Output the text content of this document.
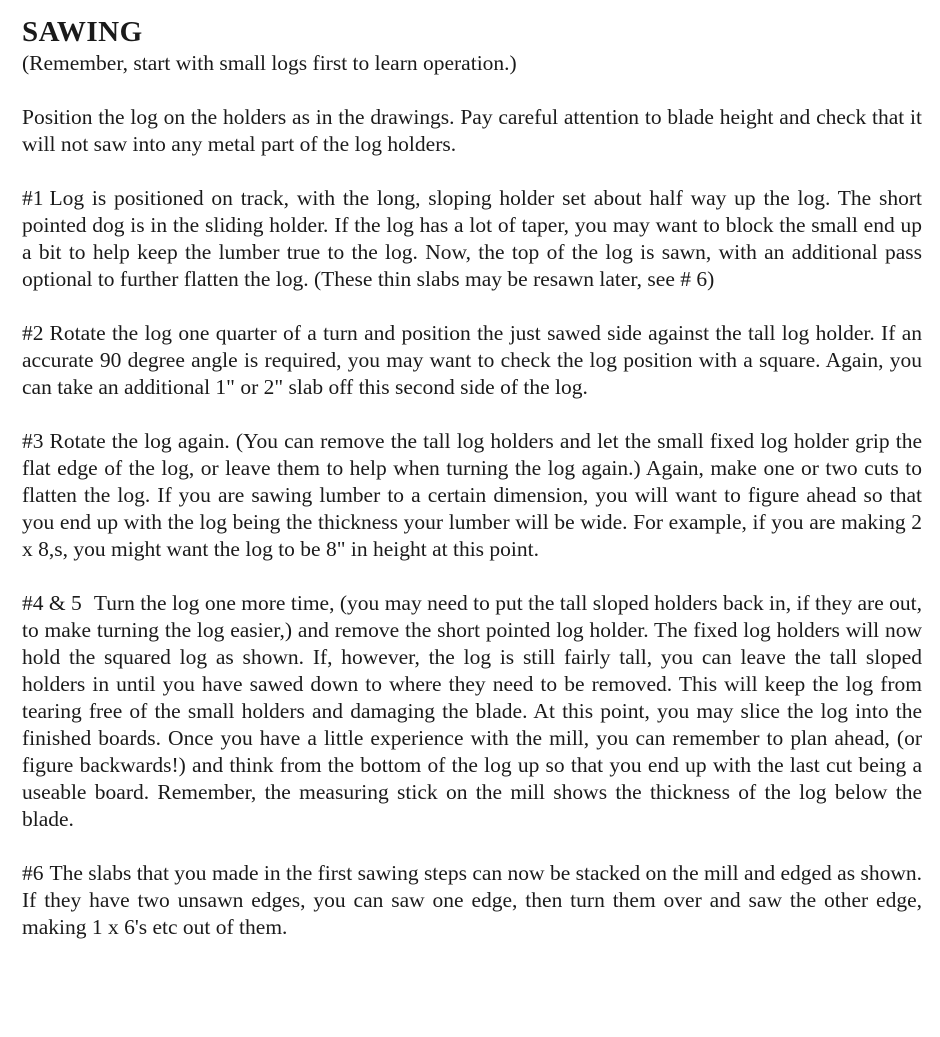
SAWING

(Remember, start with small logs first to learn operation.)

Position the log on the holders as in the drawings. Pay careful attention to blade height and check that it will not saw into any metal part of the log holders.

#1 Log is positioned on track, with the long, sloping holder set about half way up the log. The short pointed dog is in the sliding holder. If the log has a lot of taper, you may want to block the small end up a bit to help keep the lumber true to the log. Now, the top of the log is sawn, with an additional pass optional to further flatten the log. (These thin slabs may be resawn later, see # 6)

#2 Rotate the log one quarter of a turn and position the just sawed side against the tall log holder. If an accurate 90 degree angle is required, you may want to check the log position with a square. Again, you can take an additional 1" or 2" slab off this second side of the log.

#3 Rotate the log again. (You can remove the tall log holders and let the small fixed log holder grip the flat edge of the log, or leave them to help when turning the log again.) Again, make one or two cuts to flatten the log. If you are sawing lumber to a certain dimension, you will want to figure ahead so that you end up with the log being the thickness your lumber will be wide. For example, if you are making 2 x 8,s, you might want the log to be 8" in height at this point.

#4 & 5 Turn the log one more time, (you may need to put the tall sloped holders back in, if they are out, to make turning the log easier,) and remove the short pointed log holder. The fixed log holders will now hold the squared log as shown. If, however, the log is still fairly tall, you can leave the tall sloped holders in until you have sawed down to where they need to be removed. This will keep the log from tearing free of the small holders and damaging the blade. At this point, you may slice the log into the finished boards. Once you have a little experience with the mill, you can remember to plan ahead, (or figure backwards!) and think from the bottom of the log up so that you end up with the last cut being a useable board. Remember, the measuring stick on the mill shows the thickness of the log below the blade.

#6 The slabs that you made in the first sawing steps can now be stacked on the mill and edged as shown. If they have two unsawn edges, you can saw one edge, then turn them over and saw the other edge, making 1 x 6's etc out of them.
